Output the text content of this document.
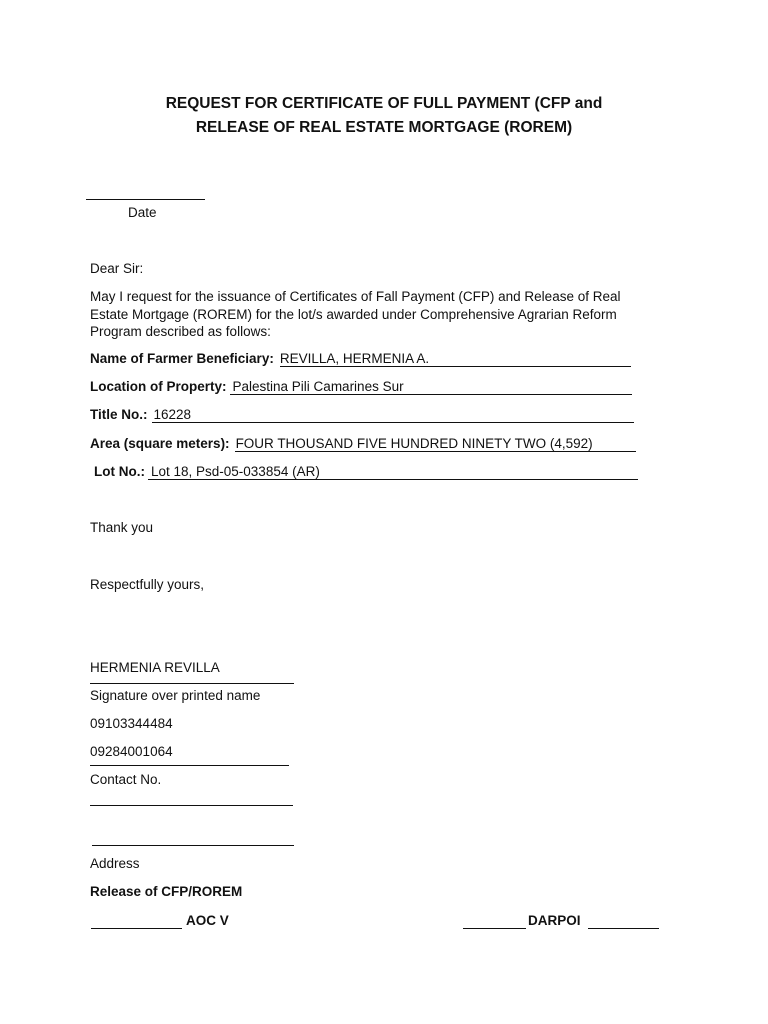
REQUEST FOR CERTIFICATE OF FULL PAYMENT (CFP and
RELEASE OF REAL ESTATE MORTGAGE (ROREM)
Date
Dear Sir:
May I request for the issuance of Certificates of Fall Payment (CFP) and Release of Real Estate Mortgage (ROREM) for the lot/s awarded under Comprehensive Agrarian Reform Program described as follows:
Name of Farmer Beneficiary: REVILLA, HERMENIA A.
Location of Property: Palestina Pili Camarines Sur
Title No.: 16228
Area (square meters): FOUR THOUSAND FIVE HUNDRED NINETY TWO (4,592)
Lot No.: Lot 18, Psd-05-033854 (AR)
Thank you
Respectfully yours,
HERMENIA REVILLA
Signature over printed name
09103344484
09284001064
Contact No.
Address
Release of CFP/ROREM
AOC V	DARPOI
